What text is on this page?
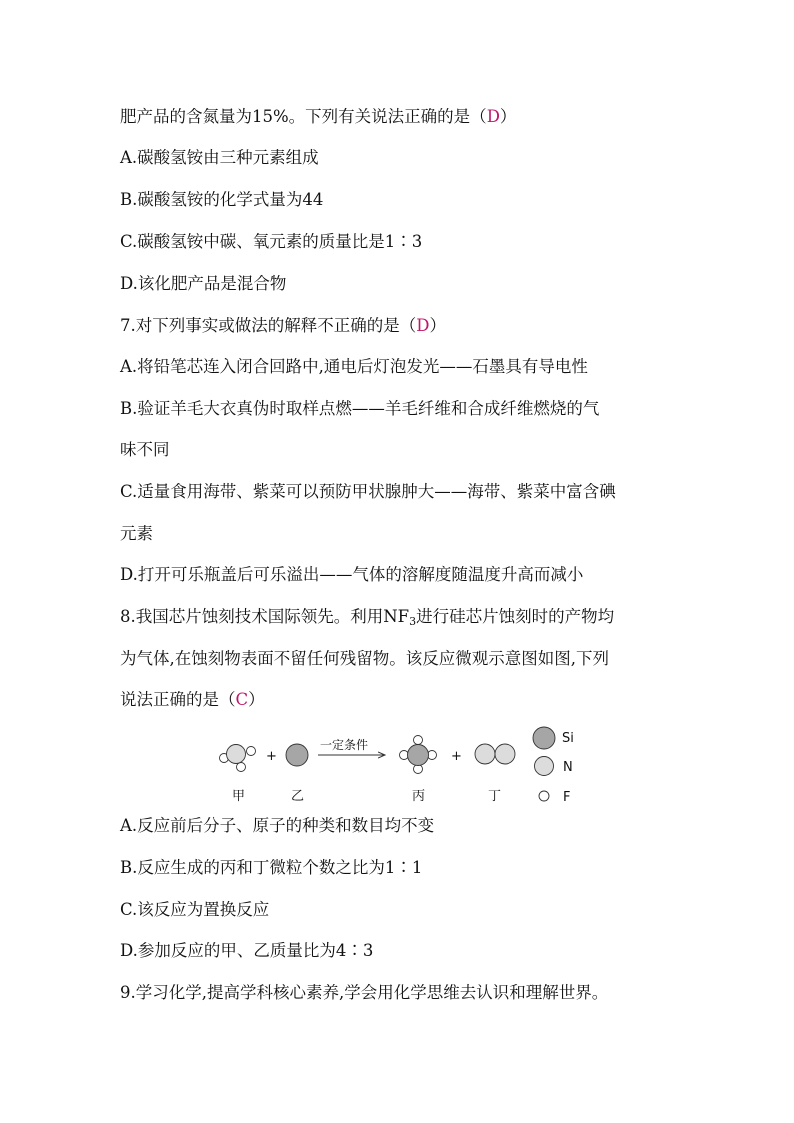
肥产品的含氮量为15%。下列有关说法正确的是（D）
A.碳酸氢铵由三种元素组成
B.碳酸氢铵的化学式量为44
C.碳酸氢铵中碳、氧元素的质量比是1∶3
D.该化肥产品是混合物
7.对下列事实或做法的解释不正确的是（D）
A.将铅笔芯连入闭合回路中,通电后灯泡发光——石墨具有导电性
B.验证羊毛大衣真伪时取样点燃——羊毛纤维和合成纤维燃烧的气
味不同
C.适量食用海带、紫菜可以预防甲状腺肿大——海带、紫菜中富含碘
元素
D.打开可乐瓶盖后可乐溢出——气体的溶解度随温度升高而减小
8.我国芯片蚀刻技术国际领先。利用$NF_3$进行硅芯片蚀刻时的产物均
为气体,在蚀刻物表面不留任何残留物。该反应微观示意图如图,下列
说法正确的是（C）
+
一定条件
+
Si
N
F
甲	乙	丙	丁
A.反应前后分子、原子的种类和数目均不变
B.反应生成的丙和丁微粒个数之比为1∶1
C.该反应为置换反应
D.参加反应的甲、乙质量比为4∶3
9.学习化学,提高学科核心素养,学会用化学思维去认识和理解世界。
